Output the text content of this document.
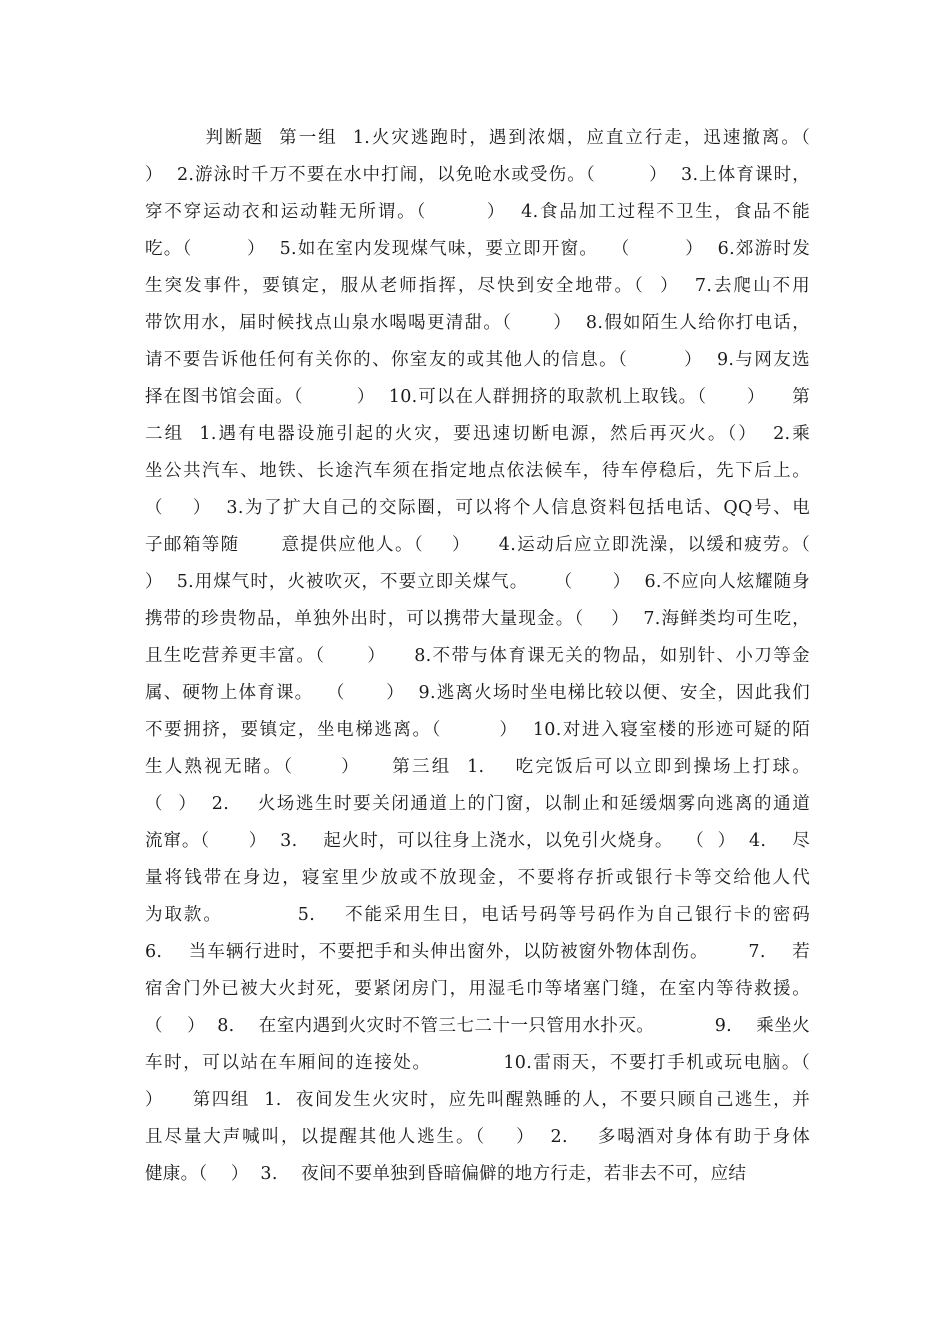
判断题  第一组  1.火灾逃跑时，遇到浓烟，应直立行走，迅速撤离。（
）  2.游泳时千万不要在水中打闹，以免呛水或受伤。（        ）  3.上体育课时，
穿不穿运动衣和运动鞋无所谓。（        ）  4.食品加工过程不卫生，食品不能
吃。（        ）  5.如在室内发现煤气味，要立即开窗。  （        ）  6.郊游时发
生突发事件，要镇定，服从老师指挥，尽快到安全地带。（  ）  7.去爬山不用
带饮用水，届时候找点山泉水喝喝更清甜。（      ）  8.假如陌生人给你打电话，
请不要告诉他任何有关你的、你室友的或其他人的信息。（        ）  9.与网友选
择在图书馆会面。（        ）  10.可以在人群拥挤的取款机上取钱。（      ）    第
二组  1.遇有电器设施引起的火灾，要迅速切断电源，然后再灭火。（）  2.乘
坐公共汽车、地铁、长途汽车须在指定地点依法候车，待车停稳后，先下后上。
（    ）  3.为了扩大自己的交际圈，可以将个人信息资料包括电话、QQ号、电
子邮箱等随      意提供应他人。（    ）    4.运动后应立即洗澡，以缓和疲劳。（
）  5.用煤气时，火被吹灭，不要立即关煤气。    （      ）  6.不应向人炫耀随身
携带的珍贵物品，单独外出时，可以携带大量现金。（    ）  7.海鲜类均可生吃，
且生吃营养更丰富。（      ）    8.不带与体育课无关的物品，如别针、小刀等金
属、硬物上体育课。  （      ）  9.逃离火场时坐电梯比较以便、安全，因此我们
不要拥挤，要镇定，坐电梯逃离。（        ）  10.对进入寝室楼的形迹可疑的陌
生人熟视无睹。（      ）    第三组  1.    吃完饭后可以立即到操场上打球。
（  ）  2.    火场逃生时要关闭通道上的门窗，以制止和延缓烟雾向逃离的通道
流窜。（      ）  3.    起火时，可以往身上浇水，以免引火烧身。  （  ）  4.    尽
量将钱带在身边，寝室里少放或不放现金，不要将存折或银行卡等交给他人代
为取款。          5.    不能采用生日，电话号码等号码作为自己银行卡的密码
6.    当车辆行进时，不要把手和头伸出窗外，以防被窗外物体刮伤。      7.    若
宿舍门外已被大火封死，要紧闭房门，用湿毛巾等堵塞门缝，在室内等待救援。
（    ）  8.    在室内遇到火灾时不管三七二十一只管用水扑灭。          9.    乘坐火
车时，可以站在车厢间的连接处。          10.雷雨天，不要打手机或玩电脑。（
）    第四组  1.  夜间发生火灾时，应先叫醒熟睡的人，不要只顾自己逃生，并
且尽量大声喊叫，以提醒其他人逃生。（    ）  2.    多喝酒对身体有助于身体
健康。（    ）  3.    夜间不要单独到昏暗偏僻的地方行走，若非去不可，应结
